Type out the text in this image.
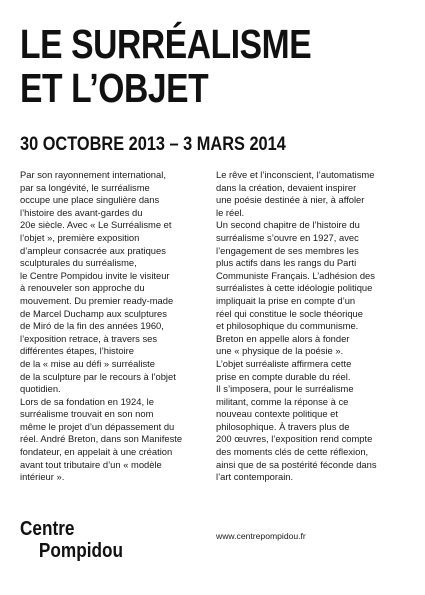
LE SURRÉALISME
ET L’OBJET
30 OCTOBRE 2013 – 3 MARS 2014
Par son rayonnement international,
par sa longévité, le surréalisme
occupe une place singulière dans
l’histoire des avant-gardes du
20e siècle. Avec « Le Surréalisme et
l’objet », première exposition
d’ampleur consacrée aux pratiques
sculpturales du surréalisme,
le Centre Pompidou invite le visiteur
à renouveler son approche du
mouvement. Du premier ready-made
de Marcel Duchamp aux sculptures
de Miró de la fin des années 1960,
l’exposition retrace, à travers ses
différentes étapes, l’histoire
de la « mise au défi » surréaliste
de la sculpture par le recours à l’objet
quotidien.
Lors de sa fondation en 1924, le
surréalisme trouvait en son nom
même le projet d’un dépassement du
réel. André Breton, dans son Manifeste
fondateur, en appelait à une création
avant tout tributaire d’un « modèle
intérieur ».
Le rêve et l’inconscient, l’automatisme
dans la création, devaient inspirer
une poésie destinée à nier, à affoler
le réel.
Un second chapitre de l’histoire du
surréalisme s’ouvre en 1927, avec
l’engagement de ses membres les
plus actifs dans les rangs du Parti
Communiste Français. L’adhésion des
surréalistes à cette idéologie politique
impliquait la prise en compte d’un
réel qui constitue le socle théorique
et philosophique du communisme.
Breton en appelle alors à fonder
une « physique de la poésie ».
L’objet surréaliste affirmera cette
prise en compte durable du réel.
Il s’imposera, pour le surréalisme
militant, comme la réponse à ce
nouveau contexte politique et
philosophique. À travers plus de
200 œuvres, l’exposition rend compte
des moments clés de cette réflexion,
ainsi que de sa postérité féconde dans
l’art contemporain.
Centre
Pompidou
www.centrepompidou.fr
